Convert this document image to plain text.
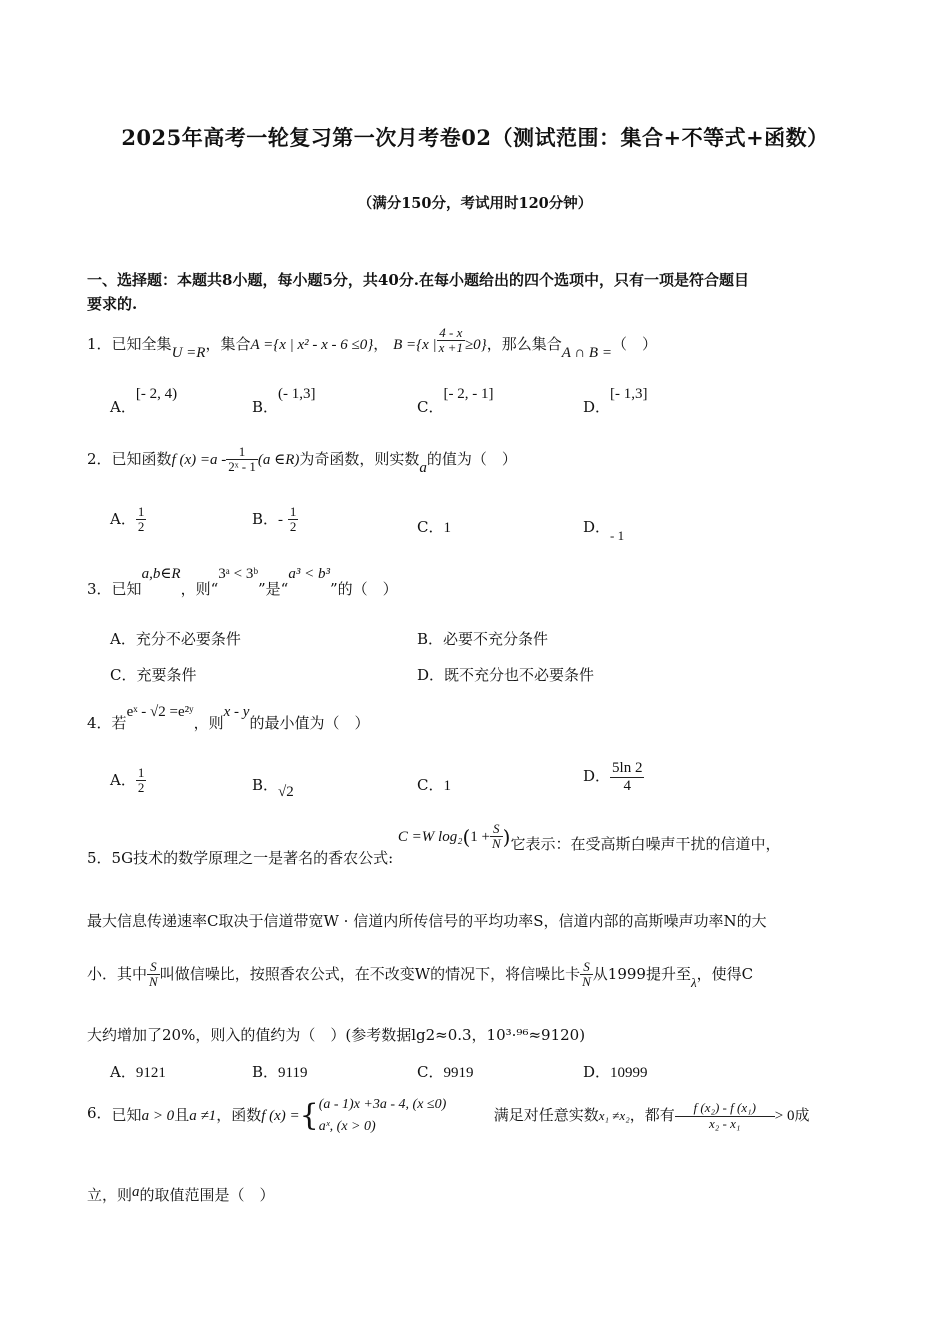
2025年高考一轮复习第一次月考卷02（测试范围：集合+不等式+函数）
（满分150分，考试用时120分钟）
一、选择题：本题共8小题，每小题5分，共40分.在每小题给出的四个选项中，只有一项是符合题目
要求的.
1．已知全集U =R，集合A ={x | x² - x - 6 ≤0}， B ={x | $\frac{4 - x}{x +1} \ge 0$}，那么集合A ∩ B =（　）
A．[- 2, 4)
B．(- 1,3]
C．[- 2, - 1]
D．[- 1,3]
2．已知函数f $(x) =a - \frac{1}{\text{2ˣ - 1}} (a$ ∈R)为奇函数，则实数a的值为（　）
A． $\frac{1}{2}$	B．- $\frac{1}{2}$	C．1	D．- 1
3．已知a,b∈R，则“3ᵃ < 3ᵇ”是“a³ < b³”的（　）
A．充分不必要条件	B．必要不充分条件
C．充要条件	D．既不充分也不必要条件
4．若eˣ - √2 =e²ʸ，则x - y的最小值为（　）
A． $\frac{1}{2}$	B．√2	C．1
D． $\frac{5\ln 2}{4}$
5．5G技术的数学原理之一是著名的香农公式: C =W $\log_2(1 + \frac{S}{N}$ )它表示：在受高斯白噪声干扰的信道中，
最大信息传递速率C取决于信道带宽W · 信道内所传信号的平均功率S，信道内部的高斯噪声功率N的大
小．其中 $\frac{S}{N}$ 叫做信噪比，按照香农公式，在不改变W的情况下，将信噪比卡 $\frac{S}{N}$ 从1999提升至λ，使得C
大约增加了20%，则入的值约为（　）(参考数据lg2≈0.3，10³·⁹⁶≈9120)
A．9121	B．9119	C．9919	D．10999
6．已知a > 0且a ≠1，函数f (x) ={ (a - 1)x +3a - 4, (x ≤0)
aˣ, (x > 0)
满足对任意实数x₁ ≠x₂，都有 $\frac{\text{f (x₂) - f (x₁)}}{\text{x₂ - x₁}} > 0$成
立，则a的取值范围是（　）
